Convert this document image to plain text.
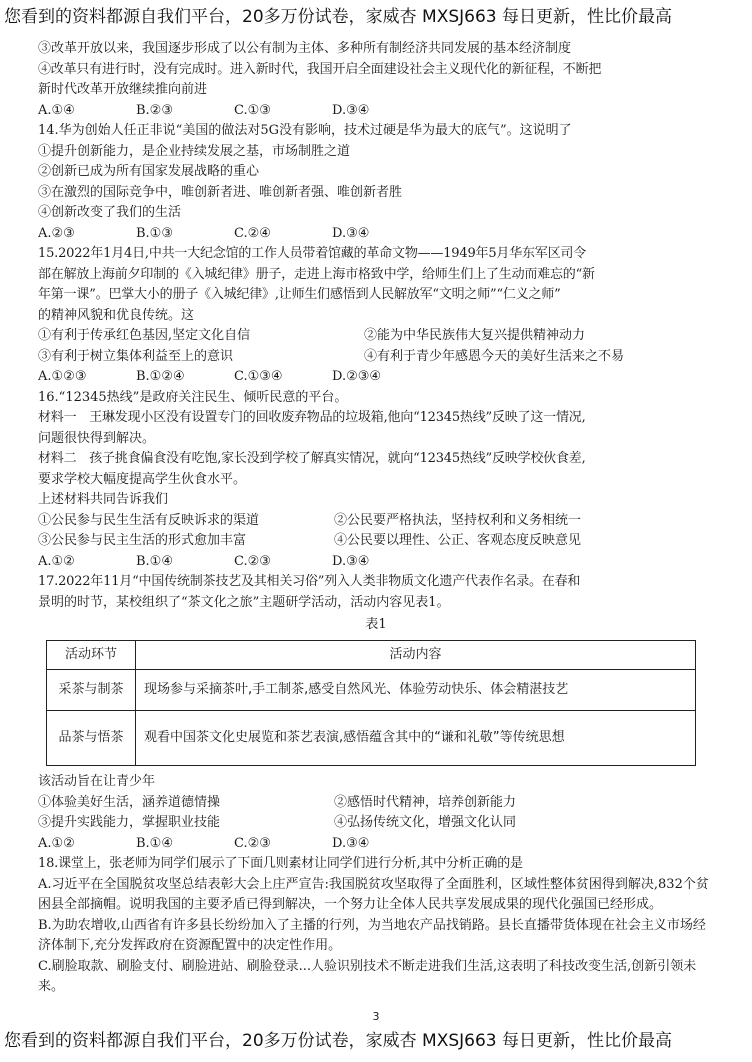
您看到的资料都源自我们平台，20多万份试卷，家威杏 MXSJ663 每日更新，性比价最高
③改革开放以来，我国逐步形成了以公有制为主体、多种所有制经济共同发展的基本经济制度
④改革只有进行时，没有完成时。进入新时代，我国开启全面建设社会主义现代化的新征程，不断把
新时代改革开放继续推向前进
A.①④	B.②③	C.①③	D.③④
14.华为创始人任正非说“美国的做法对5G没有影响，技术过硬是华为最大的底气”。这说明了
①提升创新能力，是企业持续发展之基，市场制胜之道
②创新已成为所有国家发展战略的重心
③在激烈的国际竞争中，唯创新者进、唯创新者强、唯创新者胜
④创新改变了我们的生活
A.②③	B.①③	C.②④	D.③④
15.2022年1月4日,中共一大纪念馆的工作人员带着馆藏的革命文物——1949年5月华东军区司令
部在解放上海前夕印制的《入城纪律》册子，走进上海市格致中学，给师生们上了生动而难忘的“新
年第一课”。巴掌大小的册子《入城纪律》,让师生们感悟到人民解放军“文明之师”“仁义之师”
的精神风貌和优良传统。这
①有利于传承红色基因,坚定文化自信	②能为中华民族伟大复兴提供精神动力
③有利于树立集体利益至上的意识	④有利于青少年感恩今天的美好生活来之不易
A.①②③	B.①②④	C.①③④	D.②③④
16.“12345热线”是政府关注民生、倾听民意的平台。
材料一　王琳发现小区没有设置专门的回收废弃物品的垃圾箱,他向“12345热线”反映了这一情况,
问题很快得到解决。
材料二　孩子挑食偏食没有吃饱,家长没到学校了解真实情况，就向“12345热线”反映学校伙食差,
要求学校大幅度提高学生伙食水平。
上述材料共同告诉我们
①公民参与民生生活有反映诉求的渠道	②公民要严格执法，坚持权利和义务相统一
③公民参与民主生活的形式愈加丰富	④公民要以理性、公正、客观态度反映意见
A.①②	B.①④	C.②③	D.③④
17.2022年11月“中国传统制茶技艺及其相关习俗”列入人类非物质文化遗产代表作名录。在春和
景明的时节，某校组织了“茶文化之旅”主题研学活动，活动内容见表1。
表1
活动环节	活动内容
采茶与制茶	现场参与采摘茶叶,手工制茶,感受自然风光、体验劳动快乐、体会精湛技艺
品茶与悟茶	观看中国茶文化史展览和茶艺表演,感悟蕴含其中的“谦和礼敬”等传统思想
该活动旨在让青少年
①体验美好生活，涵养道德情操	②感悟时代精神，培养创新能力
③提升实践能力，掌握职业技能	④弘扬传统文化，增强文化认同
A.①②	B.①④	C.②③	D.③④
18.课堂上，张老师为同学们展示了下面几则素材让同学们进行分析,其中分析正确的是
A.习近平在全国脱贫攻坚总结表彰大会上庄严宣告:我国脱贫攻坚取得了全面胜利，区域性整体贫困得到解决,832个贫困县全部摘帽。说明我国的主要矛盾已得到解决，一个努力让全体人民共享发展成果的现代化强国已经形成。
B.为助农增收,山西省有许多县长纷纷加入了主播的行列，为当地农产品找销路。县长直播带货体现在社会主义市场经济体制下,充分发挥政府在资源配置中的决定性作用。
C.刷脸取款、刷脸支付、刷脸进站、刷脸登录...人验识别技术不断走进我们生活,这表明了科技改变生活,创新引领未来。
3
您看到的资料都源自我们平台，20多万份试卷，家威杏 MXSJ663 每日更新，性比价最高
